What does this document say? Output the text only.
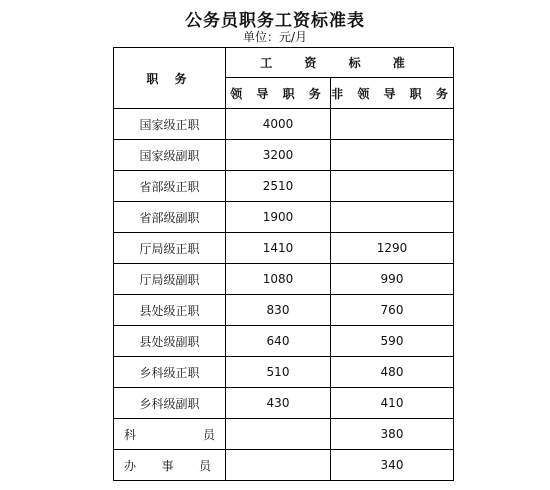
公务员职务工资标准表
单位：元/月
职 务	工 资 标 准	
	领 导 职 务	非 领 导 职 务
国家级正职	4000	
国家级副职	3200	
省部级正职	2510	
省部级副职	1900	
厅局级正职	1410	1290
厅局级副职	1080	990
县处级正职	830	760
县处级副职	640	590
乡科级正职	510	480
乡科级副职	430	410

科 员		380

办 事 员		340
